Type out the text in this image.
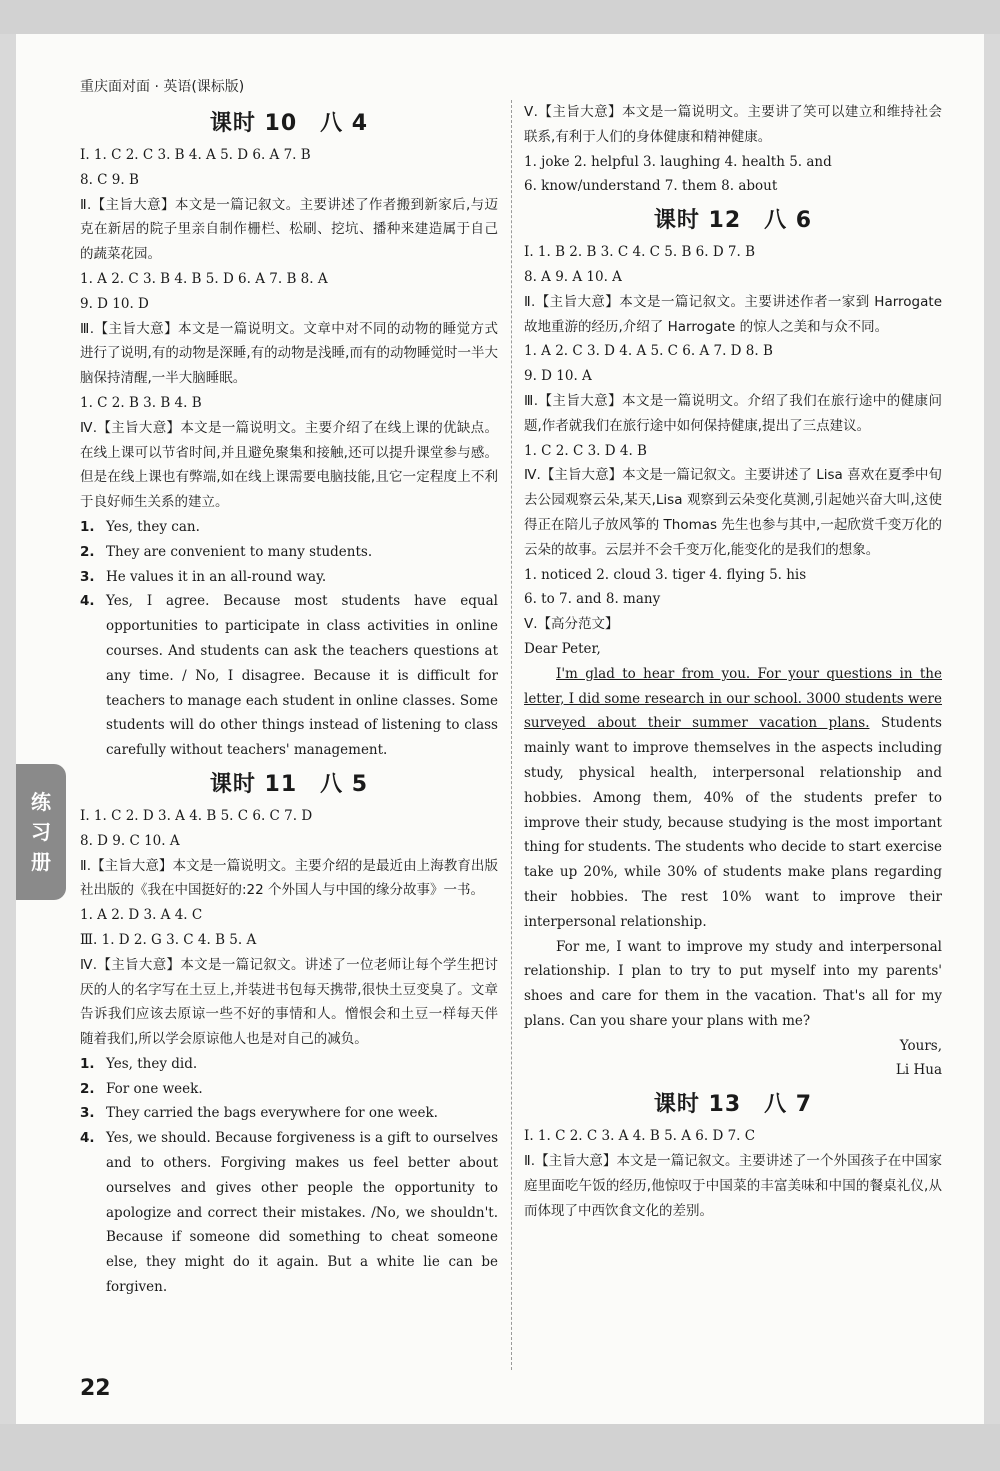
重庆面对面 · 英语(课标版)
课时 10　八 4

Ⅰ. 1. C 2. C 3. B 4. A 5. D 6. A 7. B

8. C 9. B

Ⅱ.【主旨大意】本文是一篇记叙文。主要讲述了作者搬到新家后,与迈克在新居的院子里亲自制作栅栏、松刷、挖坑、播种来建造属于自己的蔬菜花园。

1. A 2. C 3. B 4. B 5. D 6. A 7. B 8. A

9. D 10. D

Ⅲ.【主旨大意】本文是一篇说明文。文章中对不同的动物的睡觉方式进行了说明,有的动物是深睡,有的动物是浅睡,而有的动物睡觉时一半大脑保持清醒,一半大脑睡眠。

1. C 2. B 3. B 4. B

Ⅳ.【主旨大意】本文是一篇说明文。主要介绍了在线上课的优缺点。在线上课可以节省时间,并且避免聚集和接触,还可以提升课堂参与感。但是在线上课也有弊端,如在线上课需要电脑技能,且它一定程度上不利于良好师生关系的建立。

1. Yes, they can.
2. They are convenient to many students.
3. He values it in an all-round way.
4. Yes, I agree. Because most students have equal opportunities to participate in class activities in online courses. And students can ask the teachers questions at any time. / No, I disagree. Because it is difficult for teachers to manage each student in online classes. Some students will do other things instead of listening to class carefully without teachers' management.
课时 11　八 5

Ⅰ. 1. C 2. D 3. A 4. B 5. C 6. C 7. D

8. D 9. C 10. A

Ⅱ.【主旨大意】本文是一篇说明文。主要介绍的是最近由上海教育出版社出版的《我在中国挺好的:22 个外国人与中国的缘分故事》一书。

1. A 2. D 3. A 4. C

Ⅲ. 1. D 2. G 3. C 4. B 5. A

Ⅳ.【主旨大意】本文是一篇记叙文。讲述了一位老师让每个学生把讨厌的人的名字写在土豆上,并装进书包每天携带,很快土豆变臭了。文章告诉我们应该去原谅一些不好的事情和人。憎恨会和土豆一样每天伴随着我们,所以学会原谅他人也是对自己的减负。

1. Yes, they did.
2. For one week.
3. They carried the bags everywhere for one week.
4. Yes, we should. Because forgiveness is a gift to ourselves and to others. Forgiving makes us feel better about ourselves and gives other people the opportunity to apologize and correct their mistakes. /No, we shouldn't. Because if someone did something to cheat someone else, they might do it again. But a white lie can be forgiven.

Ⅴ.【主旨大意】本文是一篇说明文。主要讲了笑可以建立和维持社会联系,有利于人们的身体健康和精神健康。

1. joke 2. helpful 3. laughing 4. health 5. and

6. know/understand 7. them 8. about

课时 12　八 6

Ⅰ. 1. B 2. B 3. C 4. C 5. B 6. D 7. B

8. A 9. A 10. A

Ⅱ.【主旨大意】本文是一篇记叙文。主要讲述作者一家到 Harrogate 故地重游的经历,介绍了 Harrogate 的惊人之美和与众不同。

1. A 2. C 3. D 4. A 5. C 6. A 7. D 8. B

9. D 10. A

Ⅲ.【主旨大意】本文是一篇说明文。介绍了我们在旅行途中的健康问题,作者就我们在旅行途中如何保持健康,提出了三点建议。

1. C 2. C 3. D 4. B

Ⅳ.【主旨大意】本文是一篇记叙文。主要讲述了 Lisa 喜欢在夏季中旬去公园观察云朵,某天,Lisa 观察到云朵变化莫测,引起她兴奋大叫,这使得正在陪儿子放风筝的 Thomas 先生也参与其中,一起欣赏千变万化的云朵的故事。云层并不会千变万化,能变化的是我们的想象。

1. noticed 2. cloud 3. tiger 4. flying 5. his

6. to 7. and 8. many

Ⅴ.【高分范文】

Dear Peter,

I'm glad to hear from you. For your questions in the letter, I did some research in our school. 3000 students were surveyed about their summer vacation plans. Students mainly want to improve themselves in the aspects including study, physical health, interpersonal relationship and hobbies. Among them, 40% of the students prefer to improve their study, because studying is the most important thing for students. The students who decide to start exercise take up 20%, while 30% of students make plans regarding their hobbies. The rest 10% want to improve their interpersonal relationship.

For me, I want to improve my study and interpersonal relationship. I plan to try to put myself into my parents' shoes and care for them in the vacation. That's all for my plans. Can you share your plans with me?

Yours,

Li Hua

课时 13　八 7

Ⅰ. 1. C 2. C 3. A 4. B 5. A 6. D 7. C

Ⅱ.【主旨大意】本文是一篇记叙文。主要讲述了一个外国孩子在中国家庭里面吃午饭的经历,他惊叹于中国菜的丰富美味和中国的餐桌礼仪,从而体现了中西饮食文化的差别。

练
习
册
22
